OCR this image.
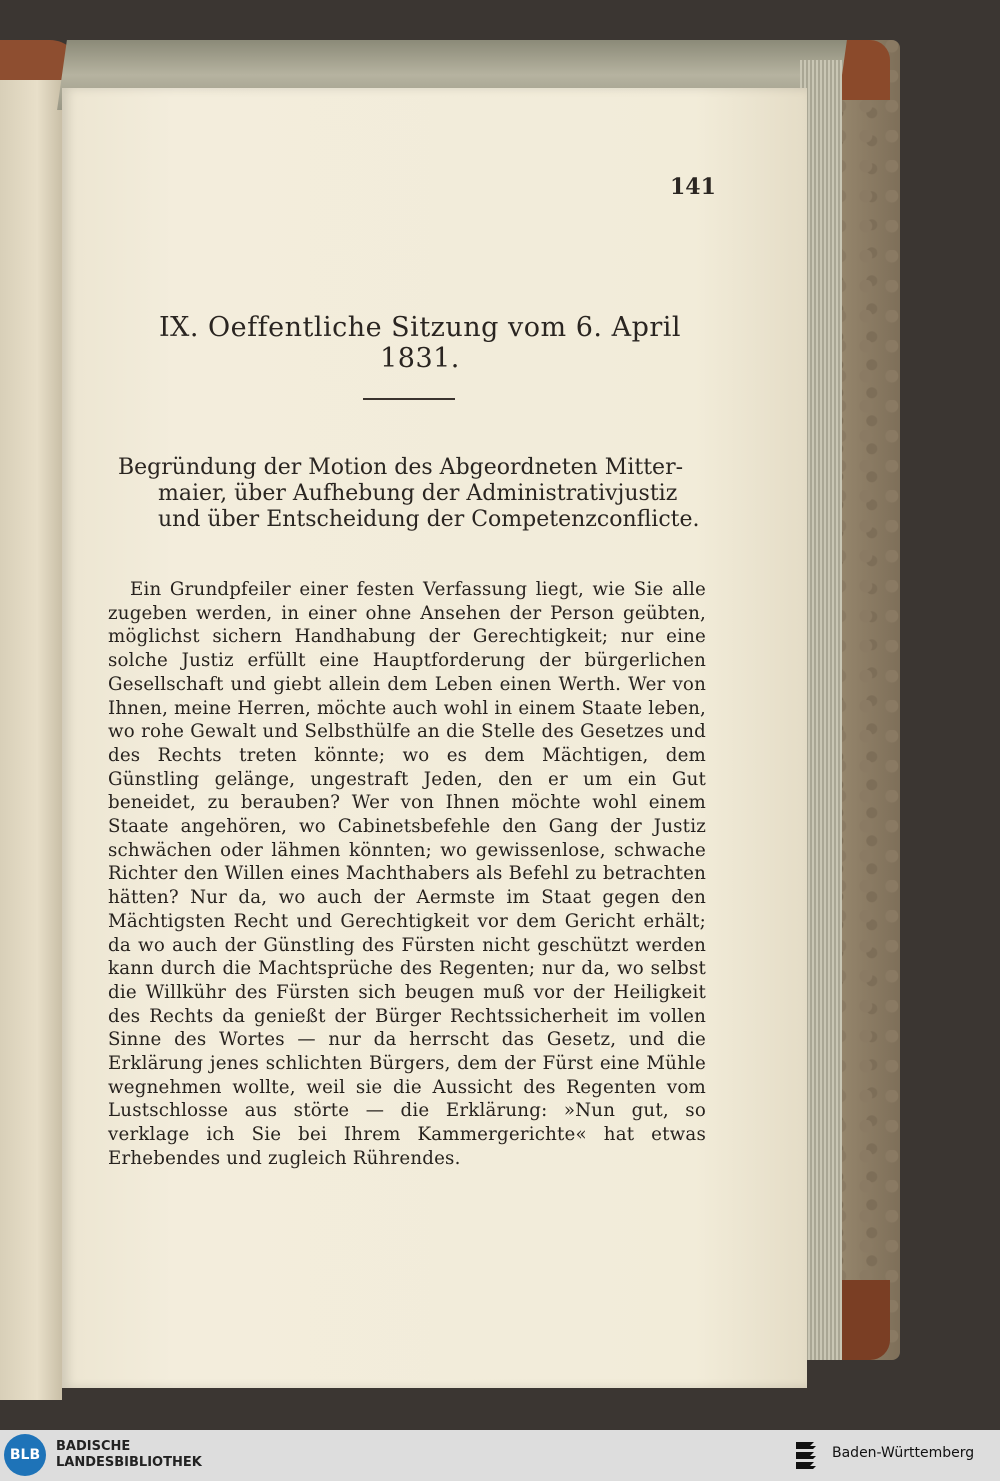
141
IX. Oeffentliche Sitzung vom 6. April 1831.
Begründung der Motion des Abgeordneten Mitter- maier, über Aufhebung der Administrativjustiz und über Entscheidung der Competenzconflicte.
Ein Grundpfeiler einer festen Verfassung liegt, wie Sie alle zugeben werden, in einer ohne Ansehen der Person geübten, möglichst sichern Handhabung der Gerechtigkeit; nur eine solche Justiz erfüllt eine Hauptforderung der bürgerlichen Gesellschaft und giebt allein dem Leben einen Werth. Wer von Ihnen, meine Herren, möchte auch wohl in einem Staate leben, wo rohe Gewalt und Selbsthülfe an die Stelle des Gesetzes und des Rechts treten könnte; wo es dem Mächtigen, dem Günstling gelänge, ungestraft Jeden, den er um ein Gut beneidet, zu berauben? Wer von Ihnen möchte wohl einem Staate angehören, wo Cabinetsbefehle den Gang der Justiz schwächen oder lähmen könnten; wo gewissenlose, schwache Richter den Willen eines Machthabers als Befehl zu betrachten hätten? Nur da, wo auch der Aermste im Staat gegen den Mächtigsten Recht und Gerechtigkeit vor dem Gericht erhält; da wo auch der Günstling des Fürsten nicht geschützt werden kann durch die Machtsprüche des Regenten; nur da, wo selbst die Willkühr des Fürsten sich beugen muß vor der Heiligkeit des Rechts da genießt der Bürger Rechtssicherheit im vollen Sinne des Wortes — nur da herrscht das Gesetz, und die Erklärung jenes schlichten Bürgers, dem der Fürst eine Mühle wegnehmen wollte, weil sie die Aussicht des Regenten vom Lustschlosse aus störte — die Erklärung: »Nun gut, so verklage ich Sie bei Ihrem Kammergerichte« hat etwas Erhebendes und zugleich Rührendes.
BLB
BADISCHE
LANDESBIBLIOTHEK
Baden-Württemberg
